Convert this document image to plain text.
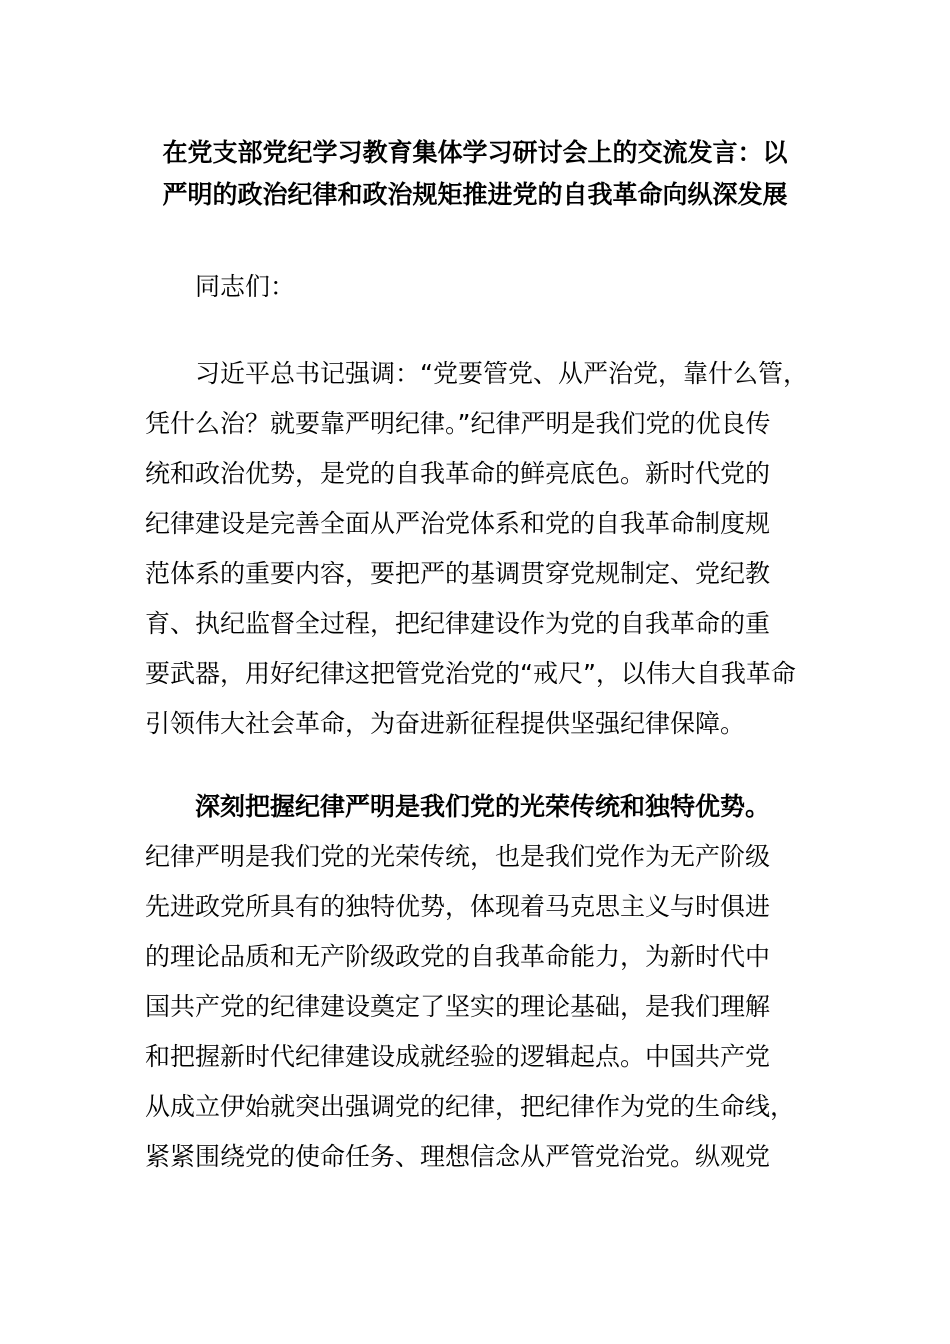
在党支部党纪学习教育集体学习研讨会上的交流发言：以
严明的政治纪律和政治规矩推进党的自我革命向纵深发展
同志们：
习近平总书记强调：“党要管党、从严治党，靠什么管，
凭什么治？就要靠严明纪律。”纪律严明是我们党的优良传
统和政治优势，是党的自我革命的鲜亮底色。新时代党的
纪律建设是完善全面从严治党体系和党的自我革命制度规
范体系的重要内容，要把严的基调贯穿党规制定、党纪教
育、执纪监督全过程，把纪律建设作为党的自我革命的重
要武器，用好纪律这把管党治党的“戒尺”，以伟大自我革命
引领伟大社会革命，为奋进新征程提供坚强纪律保障。
深刻把握纪律严明是我们党的光荣传统和独特优势。
纪律严明是我们党的光荣传统，也是我们党作为无产阶级
先进政党所具有的独特优势，体现着马克思主义与时俱进
的理论品质和无产阶级政党的自我革命能力，为新时代中
国共产党的纪律建设奠定了坚实的理论基础，是我们理解
和把握新时代纪律建设成就经验的逻辑起点。中国共产党
从成立伊始就突出强调党的纪律，把纪律作为党的生命线，
紧紧围绕党的使命任务、理想信念从严管党治党。纵观党
